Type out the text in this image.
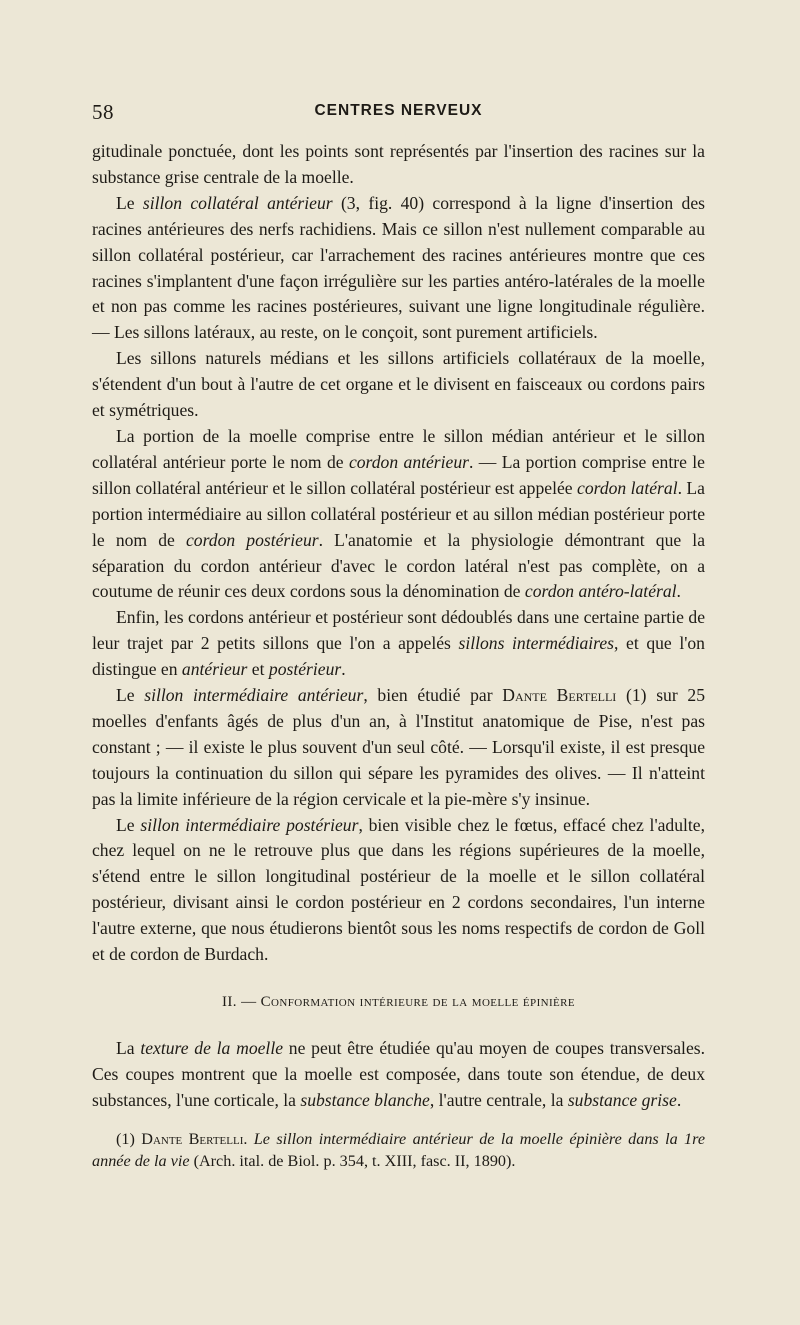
58	CENTRES NERVEUX

gitudinale ponctuée, dont les points sont représentés par l'insertion des racines sur la substance grise centrale de la moelle.

Le sillon collatéral antérieur (3, fig. 40) correspond à la ligne d'insertion des racines antérieures des nerfs rachidiens. Mais ce sillon n'est nullement comparable au sillon collatéral postérieur, car l'arrachement des racines antérieures montre que ces racines s'implantent d'une façon irrégulière sur les parties antéro-latérales de la moelle et non pas comme les racines postérieures, suivant une ligne longitudinale régulière. — Les sillons latéraux, au reste, on le conçoit, sont purement artificiels.

Les sillons naturels médians et les sillons artificiels collatéraux de la moelle, s'étendent d'un bout à l'autre de cet organe et le divisent en faisceaux ou cordons pairs et symétriques.

La portion de la moelle comprise entre le sillon médian antérieur et le sillon collatéral antérieur porte le nom de cordon antérieur. — La portion comprise entre le sillon collatéral antérieur et le sillon collatéral postérieur est appelée cordon latéral. La portion intermédiaire au sillon collatéral postérieur et au sillon médian postérieur porte le nom de cordon postérieur. L'anatomie et la physiologie démontrant que la séparation du cordon antérieur d'avec le cordon latéral n'est pas complète, on a coutume de réunir ces deux cordons sous la dénomination de cordon antéro-latéral.

Enfin, les cordons antérieur et postérieur sont dédoublés dans une certaine partie de leur trajet par 2 petits sillons que l'on a appelés sillons intermédiaires, et que l'on distingue en antérieur et postérieur.

Le sillon intermédiaire antérieur, bien étudié par Dante Bertelli (1) sur 25 moelles d'enfants âgés de plus d'un an, à l'Institut anatomique de Pise, n'est pas constant ; — il existe le plus souvent d'un seul côté. — Lorsqu'il existe, il est presque toujours la continuation du sillon qui sépare les pyramides des olives. — Il n'atteint pas la limite inférieure de la région cervicale et la pie-mère s'y insinue.

Le sillon intermédiaire postérieur, bien visible chez le fœtus, effacé chez l'adulte, chez lequel on ne le retrouve plus que dans les régions supérieures de la moelle, s'étend entre le sillon longitudinal postérieur de la moelle et le sillon collatéral postérieur, divisant ainsi le cordon postérieur en 2 cordons secondaires, l'un interne l'autre externe, que nous étudierons bientôt sous les noms respectifs de cordon de Goll et de cordon de Burdach.

II. — Conformation intérieure de la moelle épinière

La texture de la moelle ne peut être étudiée qu'au moyen de coupes transversales. Ces coupes montrent que la moelle est composée, dans toute son étendue, de deux substances, l'une corticale, la substance blanche, l'autre centrale, la substance grise.

(1) Dante Bertelli. Le sillon intermédiaire antérieur de la moelle épinière dans la 1re année de la vie (Arch. ital. de Biol. p. 354, t. XIII, fasc. II, 1890).
